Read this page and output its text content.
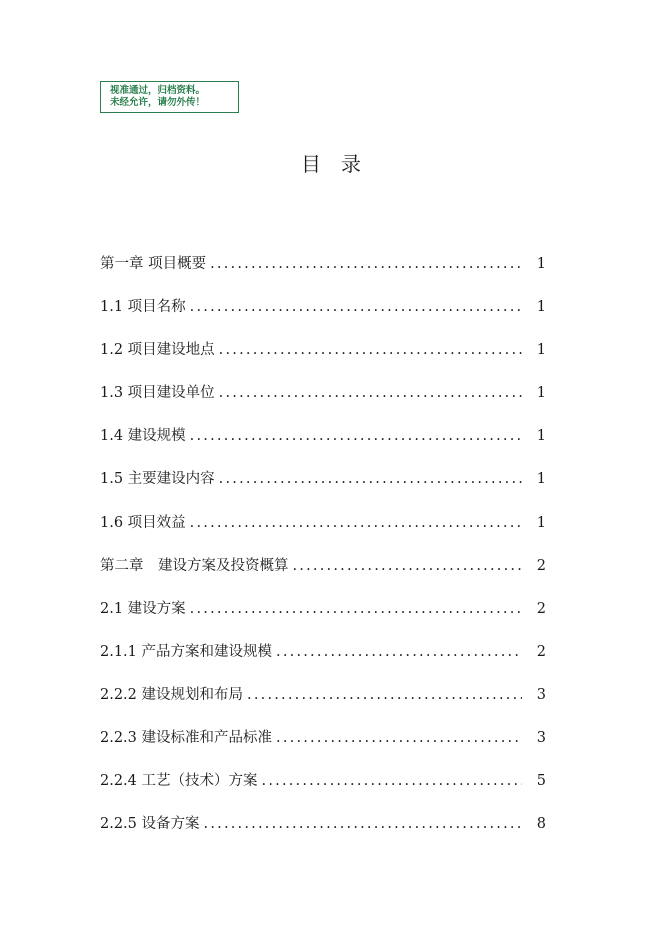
视准通过，归档资料。
未经允许，请勿外传！
目　录
第一章 项目概要 .....	1
1.1 项目名称 .....	1
1.2 项目建设地点 .....	1
1.3 项目建设单位 .....	1
1.4 建设规模 .....	1
1.5 主要建设内容 .....	1
1.6 项目效益 .....	1
第二章　建设方案及投资概算 .....	2
2.1 建设方案 .....	2
2.1.1 产品方案和建设规模 .....	2
2.2.2 建设规划和布局 .....	3
2.2.3 建设标准和产品标准 .....	3
2.2.4 工艺（技术）方案 .....	5
2.2.5 设备方案 .....	8
